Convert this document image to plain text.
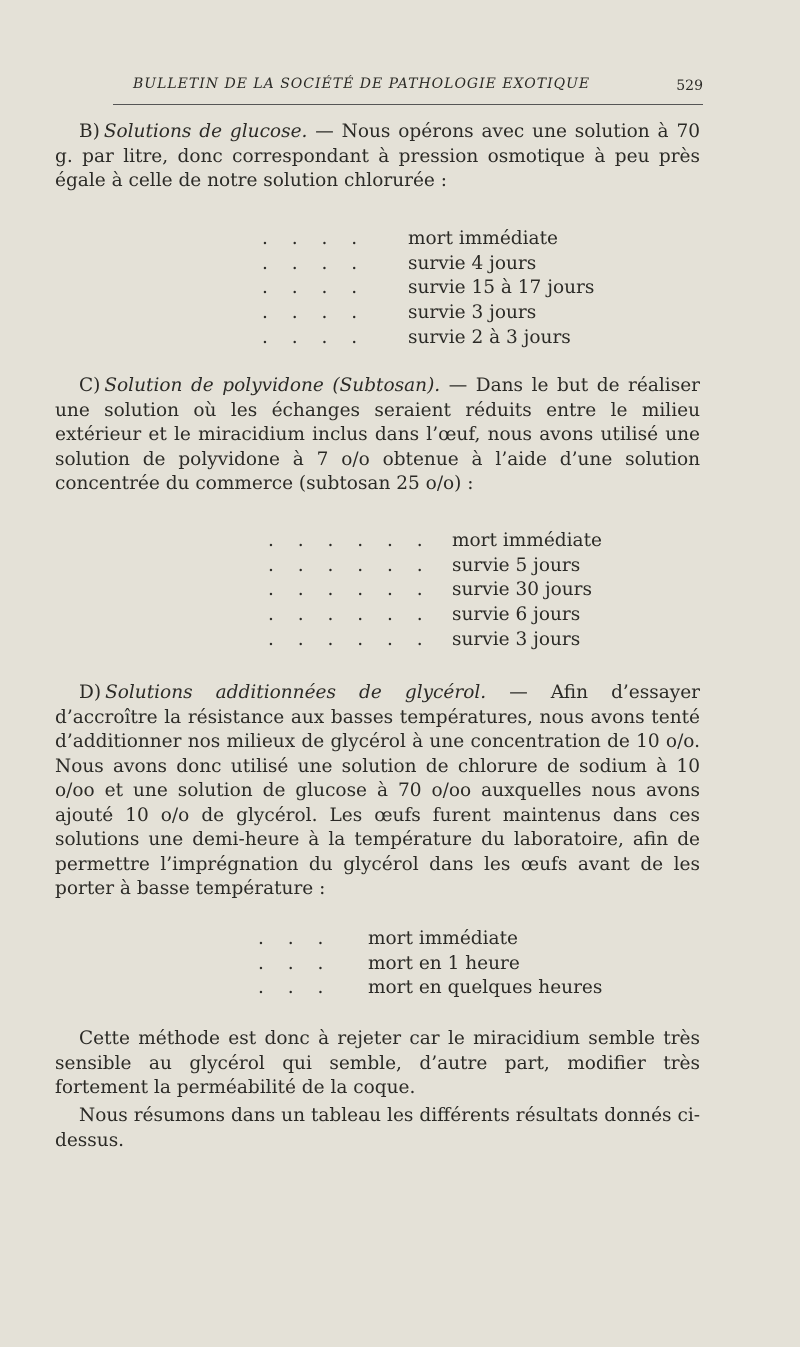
BULLETIN DE LA SOCIÉTÉ DE PATHOLOGIE EXOTIQUE	529

B) Solutions de glucose. — Nous opérons avec une solution à 70 g. par litre, donc correspondant à pression osmotique à peu près égale à celle de notre solution chlorurée :

. . . . mort immédiate
. . . . survie 4 jours
. . . . survie 15 à 17 jours
. . . . survie 3 jours
. . . . survie 2 à 3 jours

C) Solution de polyvidone (Subtosan). — Dans le but de réaliser une solution où les échanges seraient réduits entre le milieu extérieur et le miracidium inclus dans l’œuf, nous avons utilisé une solution de polyvidone à 7 o/o obtenue à l’aide d’une solution concentrée du commerce (subtosan 25 o/o) :

. . . . . . mort immédiate
. . . . . . survie 5 jours
. . . . . . survie 30 jours
. . . . . . survie 6 jours
. . . . . . survie 3 jours

D) Solutions additionnées de glycérol. — Afin d’essayer d’accroître la résistance aux basses températures, nous avons tenté d’additionner nos milieux de glycérol à une concentration de 10 o/o. Nous avons donc utilisé une solution de chlorure de sodium à 10 o/oo et une solution de glucose à 70 o/oo auxquelles nous avons ajouté 10 o/o de glycérol. Les œufs furent maintenus dans ces solutions une demi-heure à la température du laboratoire, afin de permettre l’imprégnation du glycérol dans les œufs avant de les porter à basse température :

. . . mort immédiate
. . . mort en 1 heure
. . . mort en quelques heures

Cette méthode est donc à rejeter car le miracidium semble très sensible au glycérol qui semble, d’autre part, modifier très fortement la perméabilité de la coque.

Nous résumons dans un tableau les différents résultats donnés ci-dessus.
